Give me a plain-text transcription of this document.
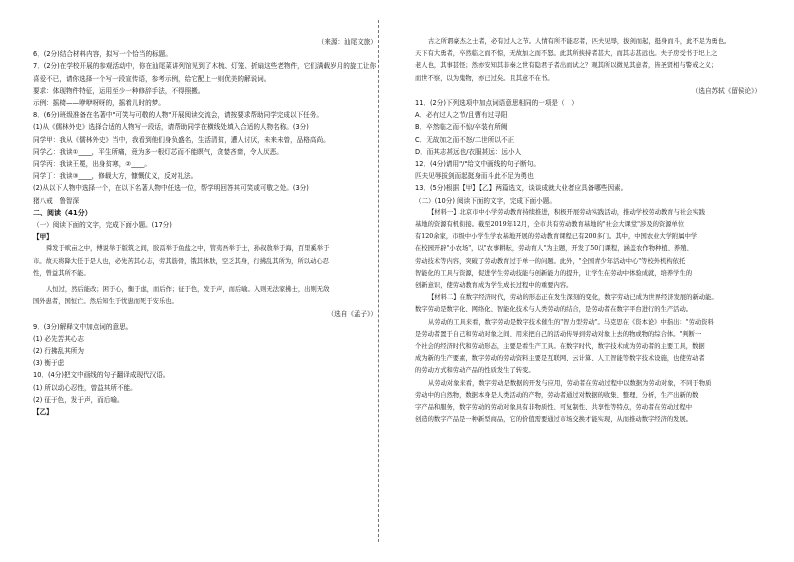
（来源：汕尾文旅）
6．(2分)结合材料内容，拟写一个恰当的标题。
7．(2分)在学校开展的参观活动中，你在汕尾菜讲列馆见到了木梳、灯笼、折扇这些老物件，它们满载岁月的旋工让你
喜爱不已，请你选择一个写一段宣传语，参考示例，给它配上一则优美的解说词。
要求：体现物件特征，运用至少一种修辞手法，不得照搬。
示例：摇椅——咿咿呀呀的，摇着儿时的梦。
8．(6分)班级准备在名著中"可笑与可敬的人物"开展阅读交流会，请按要求帮助同学完成以下任务。
(1)从《儒林外史》选择合适的人物写一段话，请帮助同学在横线处填入合适的人物名称。(3分)
同学甲：我从《儒林外史》当中，我看到他们身负盛名，生活清贫，遭人讨厌，未来未曾，品格高尚。
同学乙：我读①____，平生所痛，竟为多一根灯芯而不能瞑气，贪婪吝啬，令人厌恶。
同学丙：我读王冕，出身贫寒，②____。
同学丁：我读③____，修载大方，慷慨仗义，反对礼法。
(2)从以下人物中选择一个，在以下名著人物中任选一位，帮学明回答其可笑或可敬之处。(3分)
猪八戒　鲁智深
二、阅读（41分）
（一）阅读下面的文字，完成下面小题。(17分)
【甲】
舜发于畎亩之中，傅说举于版筑之间，胶鬲举于鱼盐之中，管夷吾举于士，孙叔敖举于海，百里奚举于
市。故天将降大任于是人也，必先苦其心志，劳其筋骨，饿其体肤，空乏其身，行拂乱其所为，所以动心忍
性，曾益其所不能。
人恒过，然后能改；困于心，衡于虑，而后作；征于色，发于声，而后喻。入则无法家拂士，出则无敌
国外患者，国恒亡。然后知生于忧患而死于安乐也。
（选自《孟子》）
9．(3分)解释文中加点词的意思。
(1) 必先苦其心志
(2) 行拂乱其所为
(3) 衡于虑
10．(4分)把文中画线的句子翻译成现代汉语。
(1) 所以动心忍性，曾益其所不能。
(2) 征于色，发于声，而后喻。
【乙】
古之所谓豪杰之士者，必有过人之节。人情有所不能忍者，匹夫见辱，拔剑而起，挺身而斗，此不足为勇也。
天下有大勇者，卒然临之而不惊，无故加之而不怒。此其所挟持者甚大，而其志甚远也。夫子房受书于圯上之
老人也，其事甚怪；然亦安知其非秦之世有隐君子者出而试之？观其所以微见其意者，皆圣贤相与警戒之义；
而世不察，以为鬼物，亦已过矣。且其意不在书。
（选自苏轼《留侯论》）
11．(2分)下列选项中加点词语意思相同的一项是（　）
A．必有过人之节/且曹有过寻阳
B．卒然临之而不惊/卒装有所阙
C．无故加之而不怒/二世所以不正
D．而其志甚远也/衣服甚远：远小人
12．(4分)请用"/"给文中画线的句子断句。
匹夫见辱拔剑而起挺身而斗此不足为勇也
13．(5分)根据【甲】【乙】两篇选文，谈谈成就大业者应具备哪些因素。
（二）(10分) 阅读下面的文字，完成下面小题。
【材料一】北京市中小学劳动教育持续推进，积极开展劳动实践活动，推动学校劳动教育与社会实践
基地的资源有机衔接。截至2019年12月，全市共有劳动教育基地的"社会大课堂"涉及的资源单位
有120余家，市级中小学生学农基地开展的劳动教育课程已有200多门。其中，中国农业大学附属中学
在校园开辟"小农场"，以"农事耕耘，劳动育人"为主题，开发了50门课程，涵盖农作物种植、养殖、
劳动技术等内容，突破了劳动教育过于单一的问题。此外，"全国青少年活动中心"等校外机构依托
智能化的工具与资源，促进学生劳动技能与创新能力的提升，让学生在劳动中体验成就，培养学生的
创新意识，使劳动教育成为学生成长过程中的重要内容。
【材料二】在数字经济时代，劳动的形态正在发生深刻的变化，数字劳动已成为世界经济发展的新动能。
数字劳动是数字化、网络化、智能化技术与人类劳动的结合，是劳动者在数字平台进行的生产活动。
从劳动的工具来看，数字劳动是数字技术催生的"智力型劳动"。马克思在《资本论》中指出："劳动资料
是劳动者置于自己和劳动对象之间、用来把自己的活动传导到劳动对象上去的物或物的综合体。"判断一
个社会的经济时代和劳动形态，主要是看生产工具。在数字时代，数字技术成为劳动者的主要工具，数据
成为新的生产要素，数字劳动的劳动资料主要是互联网、云计算、人工智能等数字技术设施，也使劳动者
的劳动方式和劳动产品的性质发生了转变。
从劳动对象来看，数字劳动是数据的开发与应用，劳动者在劳动过程中以数据为劳动对象，不同于物质
劳动中的自然物，数据本身是人类活动的产物，劳动者通过对数据的收集、整理、分析，生产出新的数
字产品和服务，数字劳动的劳动对象具有非物质性、可复制性、共享性等特点，劳动者在劳动过程中
创造的数字产品是一种新型商品，它的价值需要通过市场交换才能实现，从而推动数字经济的发展。
